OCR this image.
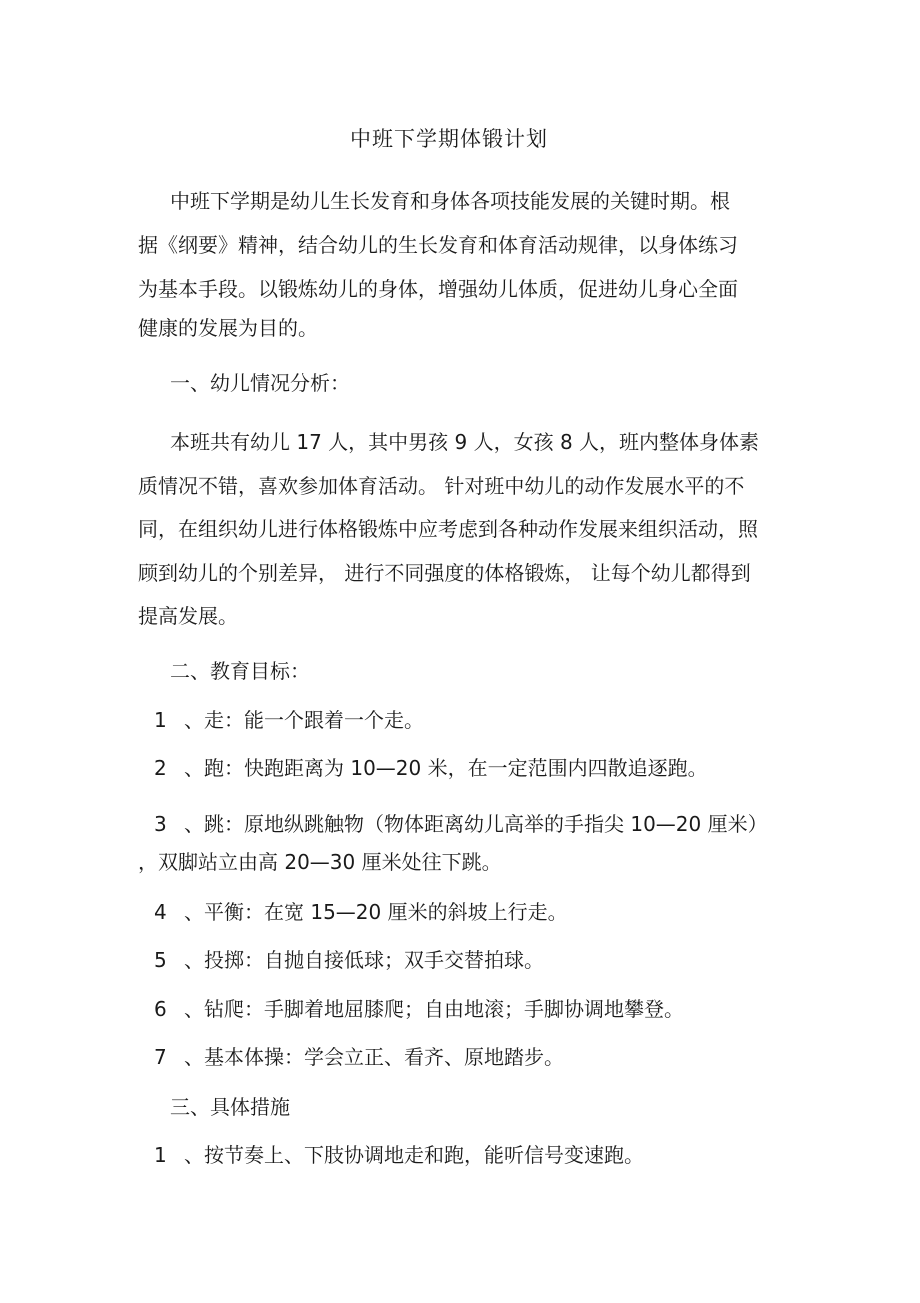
中班下学期体锻计划
中班下学期是幼儿生长发育和身体各项技能发展的关键时期。根
据《纲要》精神，结合幼儿的生长发育和体育活动规律，以身体练习
为基本手段。以锻炼幼儿的身体，增强幼儿体质，促进幼儿身心全面
健康的发展为目的。
一、幼儿情况分析：
本班共有幼儿 17 人，其中男孩 9 人，女孩 8 人，班内整体身体素
质情况不错，喜欢参加体育活动。 针对班中幼儿的动作发展水平的不
同，在组织幼儿进行体格锻炼中应考虑到各种动作发展来组织活动，照
顾到幼儿的个别差异， 进行不同强度的体格锻炼， 让每个幼儿都得到
提高发展。
二、教育目标：
1 、走：能一个跟着一个走。
2 、跑：快跑距离为 10—20 米，在一定范围内四散追逐跑。
3 、跳：原地纵跳触物（物体距离幼儿高举的手指尖 10—20 厘米）
，双脚站立由高 20—30 厘米处往下跳。
4 、平衡：在宽 15—20 厘米的斜坡上行走。
5 、投掷：自抛自接低球；双手交替拍球。
6 、钻爬：手脚着地屈膝爬；自由地滚；手脚协调地攀登。
7 、基本体操：学会立正、看齐、原地踏步。
三、具体措施
1 、按节奏上、下肢协调地走和跑，能听信号变速跑。
